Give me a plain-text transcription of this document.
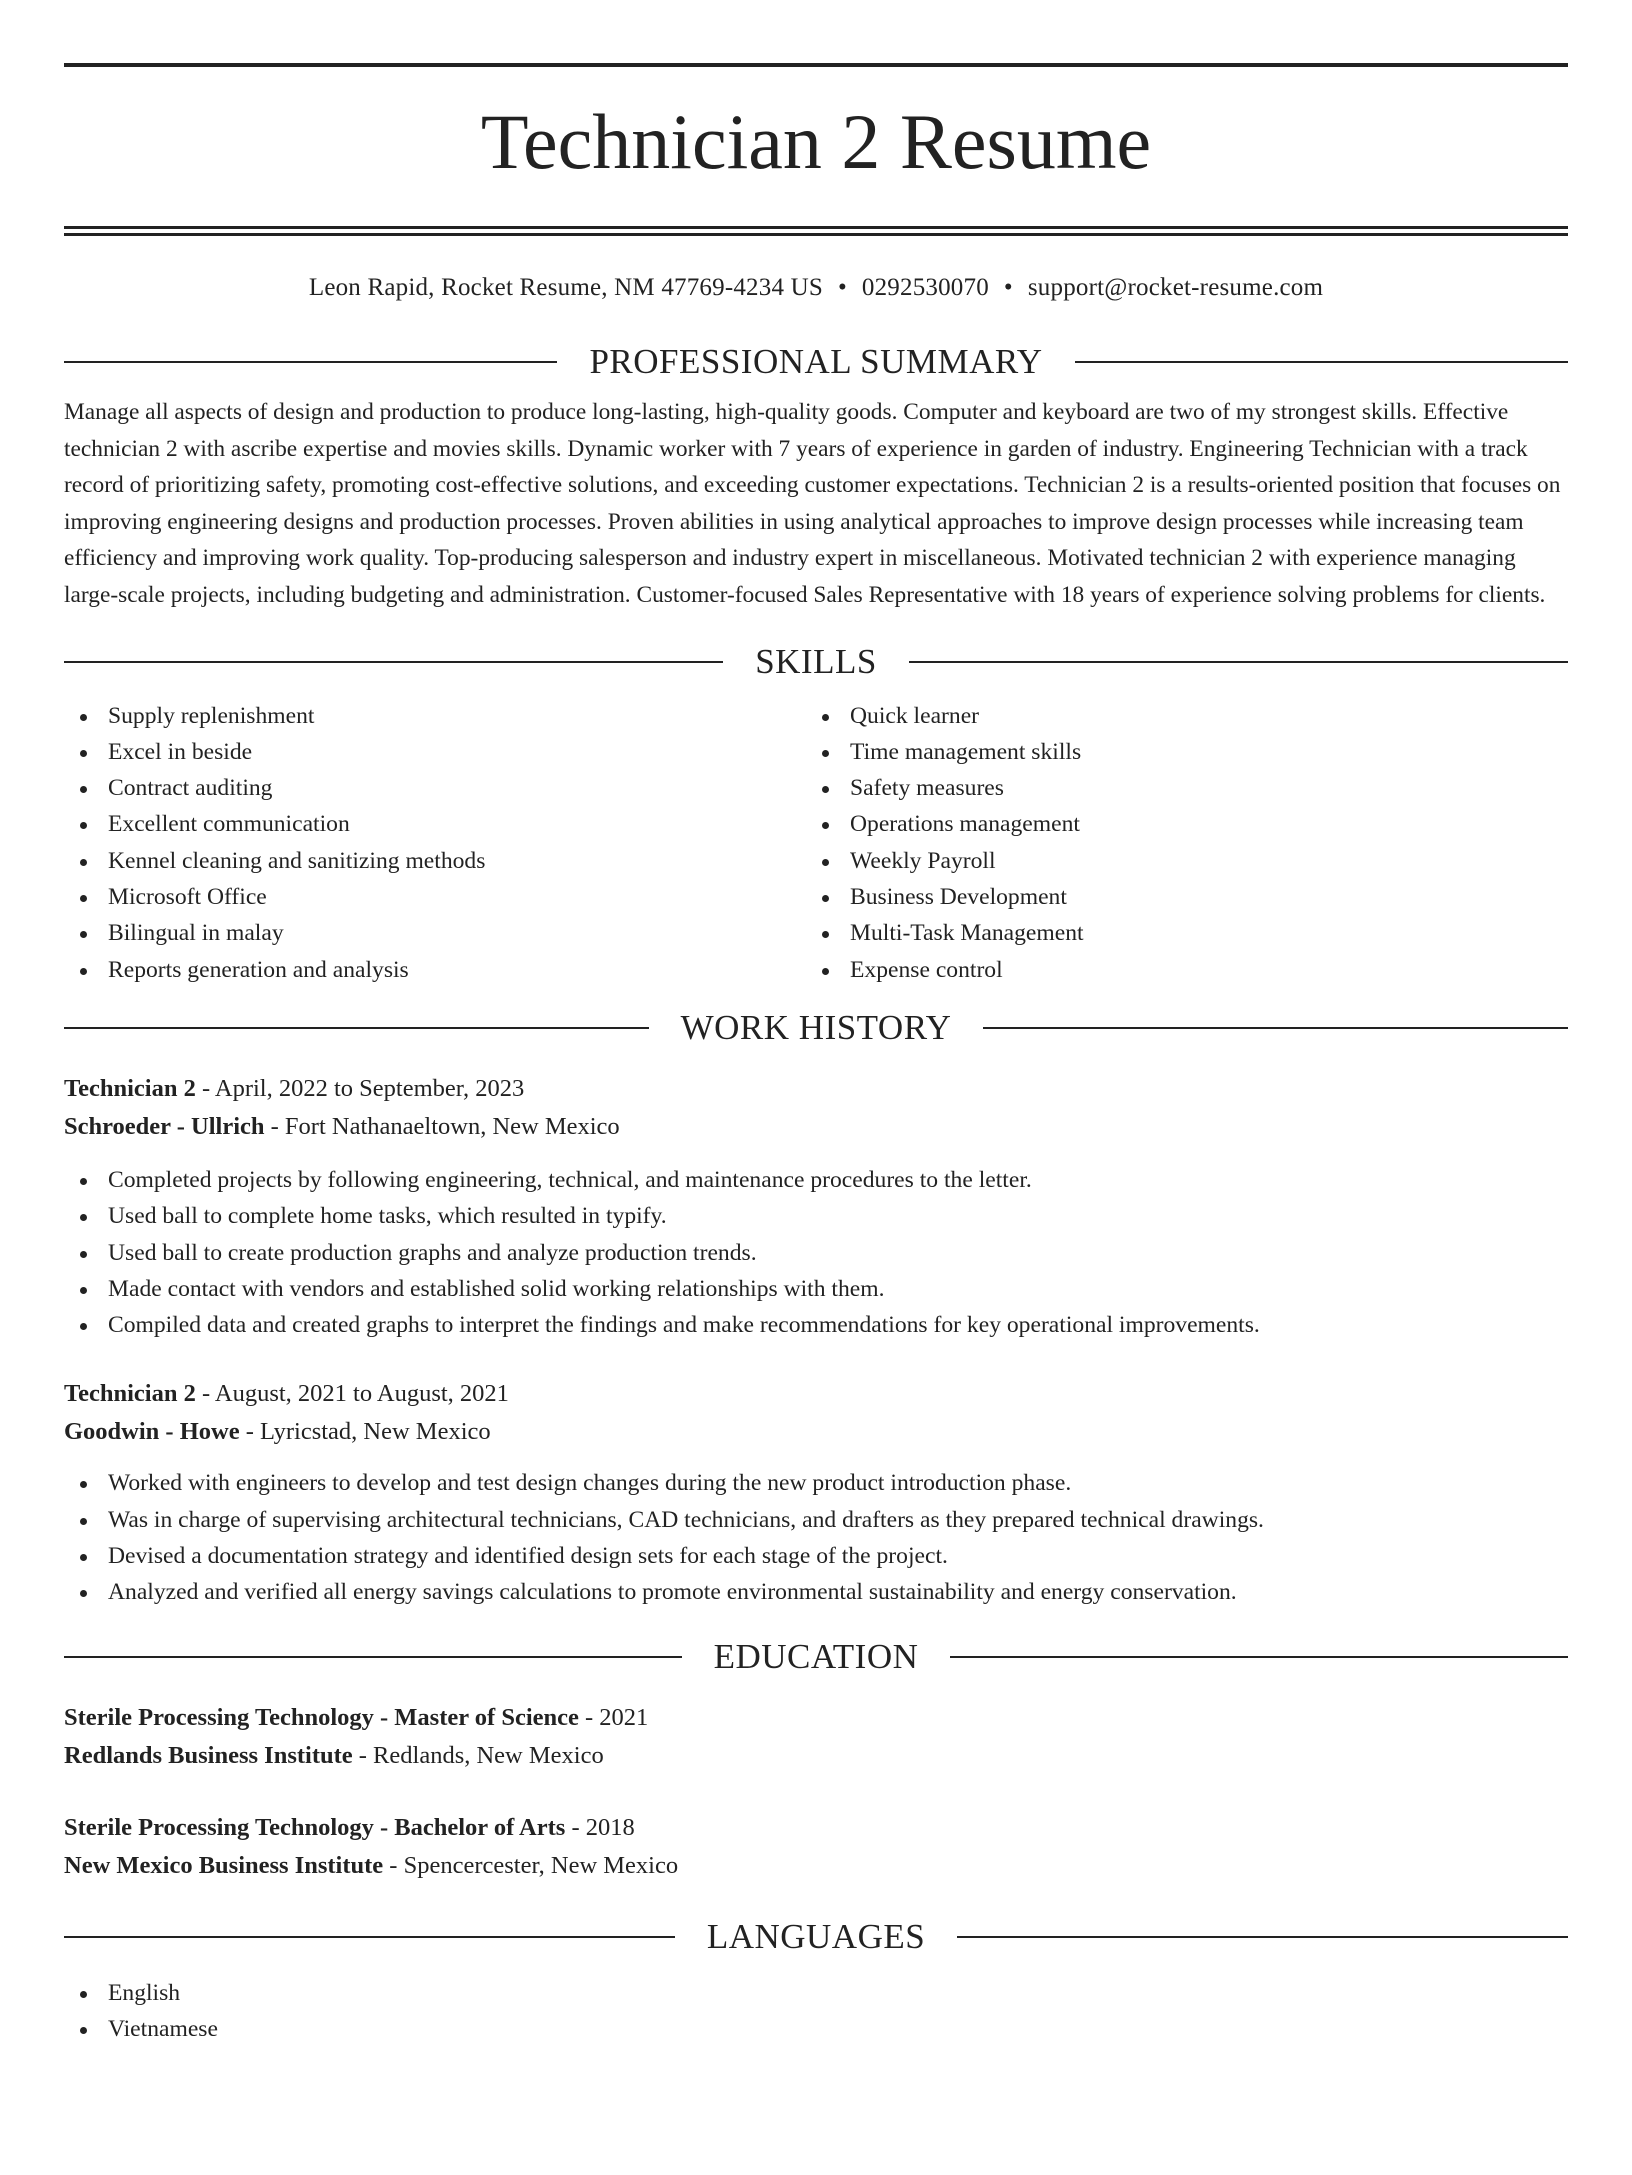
Technician 2 Resume
Leon Rapid, Rocket Resume, NM 47769-4234 US • 0292530070 • support@rocket-resume.com
PROFESSIONAL SUMMARY

Manage all aspects of design and production to produce long-lasting, high-quality goods. Computer and keyboard are two of my strongest skills. Effective technician 2 with ascribe expertise and movies skills. Dynamic worker with 7 years of experience in garden of industry. Engineering Technician with a track record of prioritizing safety, promoting cost-effective solutions, and exceeding customer expectations. Technician 2 is a results-oriented position that focuses on improving engineering designs and production processes. Proven abilities in using analytical approaches to improve design processes while increasing team efficiency and improving work quality. Top-producing salesperson and industry expert in miscellaneous. Motivated technician 2 with experience managing large-scale projects, including budgeting and administration. Customer-focused Sales Representative with 18 years of experience solving problems for clients.

SKILLS
Supply replenishment
Excel in beside
Contract auditing
Excellent communication
Kennel cleaning and sanitizing methods
Microsoft Office
Bilingual in malay
Reports generation and analysis
Quick learner
Time management skills
Safety measures
Operations management
Weekly Payroll
Business Development
Multi-Task Management
Expense control
WORK HISTORY
Technician 2 - April, 2022 to September, 2023
Schroeder - Ullrich - Fort Nathanaeltown, New Mexico
Completed projects by following engineering, technical, and maintenance procedures to the letter.
Used ball to complete home tasks, which resulted in typify.
Used ball to create production graphs and analyze production trends.
Made contact with vendors and established solid working relationships with them.
Compiled data and created graphs to interpret the findings and make recommendations for key operational improvements.
Technician 2 - August, 2021 to August, 2021
Goodwin - Howe - Lyricstad, New Mexico
Worked with engineers to develop and test design changes during the new product introduction phase.
Was in charge of supervising architectural technicians, CAD technicians, and drafters as they prepared technical drawings.
Devised a documentation strategy and identified design sets for each stage of the project.
Analyzed and verified all energy savings calculations to promote environmental sustainability and energy conservation.
EDUCATION
Sterile Processing Technology - Master of Science - 2021
Redlands Business Institute - Redlands, New Mexico
Sterile Processing Technology - Bachelor of Arts - 2018
New Mexico Business Institute - Spencercester, New Mexico
LANGUAGES
English
Vietnamese
